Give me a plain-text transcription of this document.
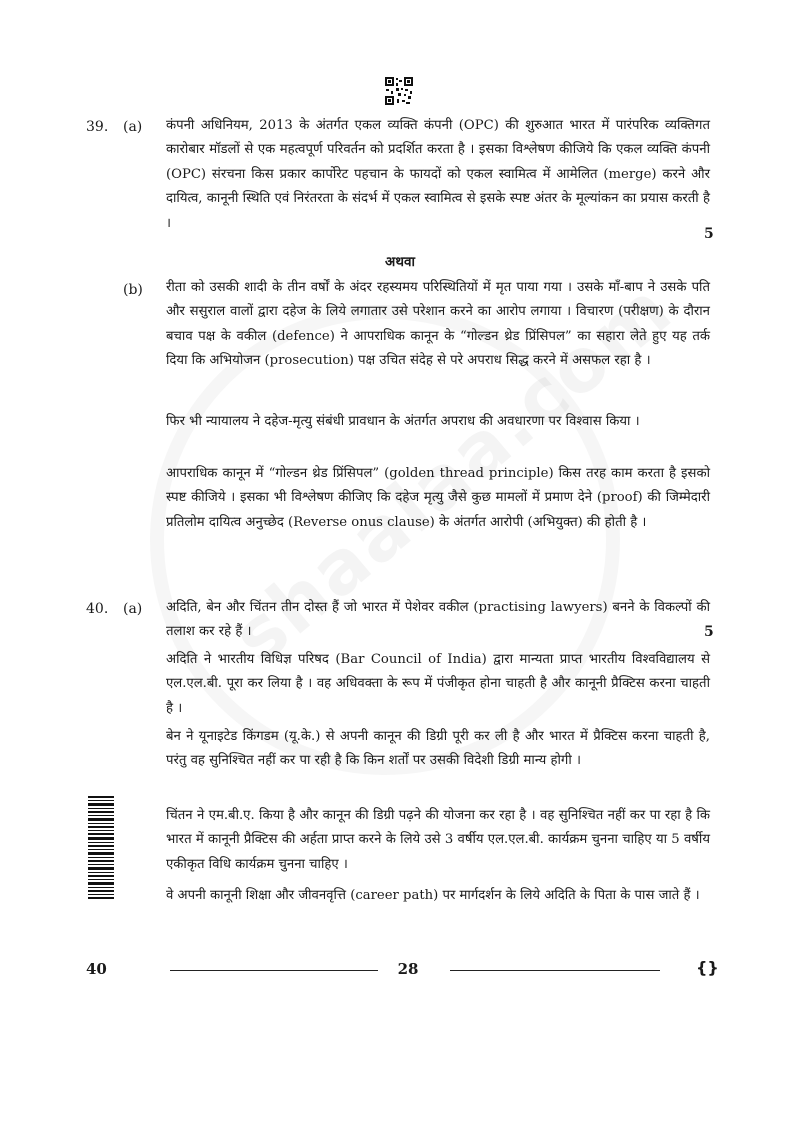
39. (a) कंपनी अधिनियम, 2013 के अंतर्गत एकल व्यक्ति कंपनी (OPC) की शुरुआत भारत में पारंपरिक व्यक्तिगत कारोबार मॉडलों से एक महत्वपूर्ण परिवर्तन को प्रदर्शित करता है । इसका विश्लेषण कीजिये कि एकल व्यक्ति कंपनी (OPC) संरचना किस प्रकार कार्पोरेट पहचान के फायदों को एकल स्वामित्व में आमेलित (merge) करने और दायित्व, कानूनी स्थिति एवं निरंतरता के संदर्भ में एकल स्वामित्व से इसके स्पष्ट अंतर के मूल्यांकन का प्रयास करती है ।
5
अथवा
(b) रीता को उसकी शादी के तीन वर्षों के अंदर रहस्यमय परिस्थितियों में मृत पाया गया । उसके माँ-बाप ने उसके पति और ससुराल वालों द्वारा दहेज के लिये लगातार उसे परेशान करने का आरोप लगाया । विचारण (परीक्षण) के दौरान बचाव पक्ष के वकील (defence) ने आपराधिक कानून के “गोल्डन थ्रेड प्रिंसिपल” का सहारा लेते हुए यह तर्क दिया कि अभियोजन (prosecution) पक्ष उचित संदेह से परे अपराध सिद्ध करने में असफल रहा है ।
फिर भी न्यायालय ने दहेज-मृत्यु संबंधी प्रावधान के अंतर्गत अपराध की अवधारणा पर विश्वास किया ।
आपराधिक कानून में “गोल्डन थ्रेड प्रिंसिपल” (golden thread principle) किस तरह काम करता है इसको स्पष्ट कीजिये । इसका भी विश्लेषण कीजिए कि दहेज मृत्यु जैसे कुछ मामलों में प्रमाण देने (proof) की जिम्मेदारी प्रतिलोम दायित्व अनुच्छेद (Reverse onus clause) के अंतर्गत आरोपी (अभियुक्त) की होती है ।
40. (a)
5
अदिति, बेन और चिंतन तीन दोस्त हैं जो भारत में पेशेवर वकील (practising lawyers) बनने के विकल्पों की तलाश कर रहे हैं ।
अदिति ने भारतीय विधिज्ञ परिषद (Bar Council of India) द्वारा मान्यता प्राप्त भारतीय विश्वविद्यालय से एल.एल.बी. पूरा कर लिया है । वह अधिवक्ता के रूप में पंजीकृत होना चाहती है और कानूनी प्रैक्टिस करना चाहती है ।
बेन ने यूनाइटेड किंगडम (यू.के.) से अपनी कानून की डिग्री पूरी कर ली है और भारत में प्रैक्टिस करना चाहती है, परंतु वह सुनिश्चित नहीं कर पा रही है कि किन शर्तों पर उसकी विदेशी डिग्री मान्य होगी ।
चिंतन ने एम.बी.ए. किया है और कानून की डिग्री पढ़ने की योजना कर रहा है । वह सुनिश्चित नहीं कर पा रहा है कि भारत में कानूनी प्रैक्टिस की अर्हता प्राप्त करने के लिये उसे 3 वर्षीय एल.एल.बी. कार्यक्रम चुनना चाहिए या 5 वर्षीय एकीकृत विधि कार्यक्रम चुनना चाहिए ।
वे अपनी कानूनी शिक्षा और जीवनवृत्ति (career path) पर मार्गदर्शन के लिये अदिति के पिता के पास जाते हैं ।
40	28	{}
